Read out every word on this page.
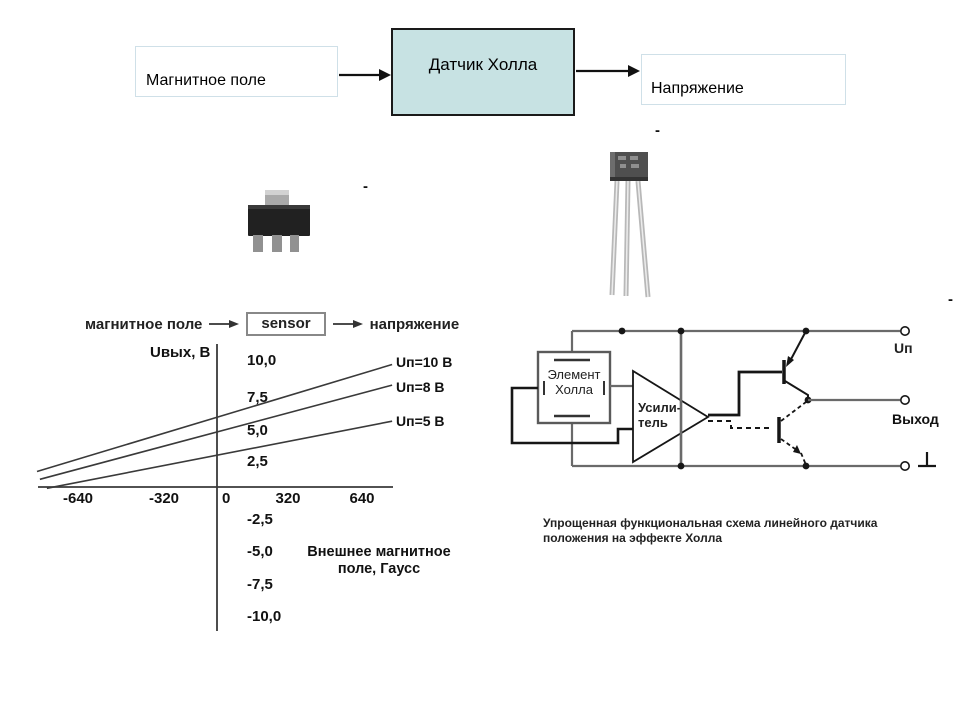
Магнитное поле
Датчик Холла
Напряжение
-
-
-
магнитное поле	sensor	напряжение
Uвых, В 10,0
7,5
5,0
2,5
-2,5
-5,0
-7,5
-10,0
-640	-320	0	320	640
Uп=10 В
Uп=8 В
Uп=5 В
Внешнее магнитное поле, Гаусс
Элемент
Холла
Усили-
тель
Uп
Выход
Упрощенная функциональная схема линейного датчика положения на эффекте Холла
